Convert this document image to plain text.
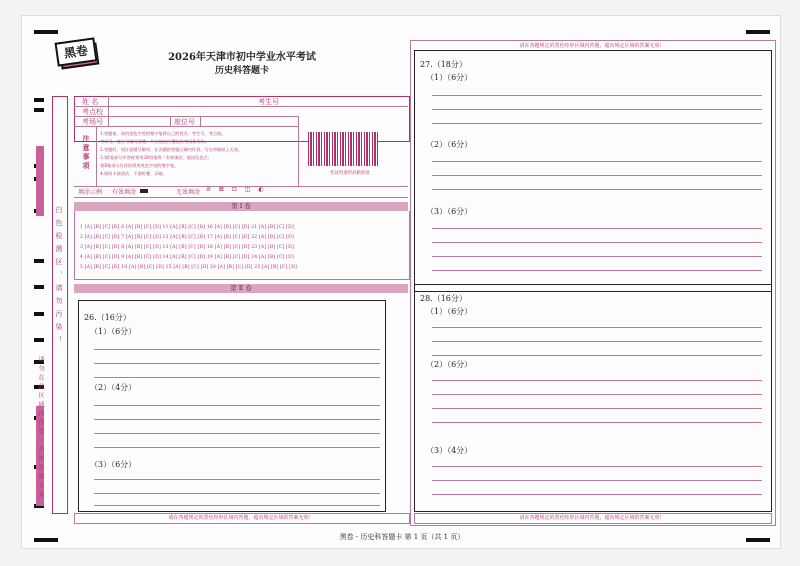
黑卷	2026年天津市初中学业水平考试
历史科答题卡
白色检测区，请勿污染！
请勿在此区域内作答，否则答题无效
姓 名	考生号
考点校
考场号	座位号
注
意
事
项
1.答题前，请用黑色字迹的签字笔将自己的姓名、考生号、考点校、
考场号、座位号填写清楚，并在规定位置粘贴考试条形码。
2.答题时，请注意题号顺序，在各题的答题区域内作答，写在草稿纸上无效。
3.第Ⅰ卷部分作答时须用2B铅笔将「有效填涂」填涂信息点；
第Ⅱ卷部分作答时须用黑色字迹的签字笔。
4.保持卡面清洁，不要折叠、弄破。	考试用条形码粘贴处
填涂示例 有效填涂	无效填涂 ⊘ ⊠ ⊡ ◫ ◐
第 Ⅰ 卷
1 [A] [B] [C] [D] 6 [A] [B] [C] [D] 11 [A] [B] [C] [D] 16 [A] [B] [C] [D] 21 [A] [B] [C] [D]
2 [A] [B] [C] [D] 7 [A] [B] [C] [D] 12 [A] [B] [C] [D] 17 [A] [B] [C] [D] 22 [A] [B] [C] [D]
3 [A] [B] [C] [D] 8 [A] [B] [C] [D] 13 [A] [B] [C] [D] 18 [A] [B] [C] [D] 23 [A] [B] [C] [D]
4 [A] [B] [C] [D] 9 [A] [B] [C] [D] 14 [A] [B] [C] [D] 19 [A] [B] [C] [D] 24 [A] [B] [C] [D]
5 [A] [B] [C] [D] 10 [A] [B] [C] [D] 15 [A] [B] [C] [D] 20 [A] [B] [C] [D] 25 [A] [B] [C] [D]
第 Ⅱ 卷
26.（16分）
（1）（6分）
（2）（4分）
（3）（6分）
请在各题规定的黑色矩形区域内答题，超出规定区域的答案无效！
请在各题规定的黑色矩形区域内答题，超出规定区域的答案无效！
27.（18分）
（1）（6分）
（2）（6分）
（3）（6分）
28.（16分）
（1）（6分）
（2）（6分）
（3）（4分）
请在各题规定的黑色矩形区域内答题，超出规定区域的答案无效！
黑卷 · 历史科答题卡 第 1 页（共 1 页）
